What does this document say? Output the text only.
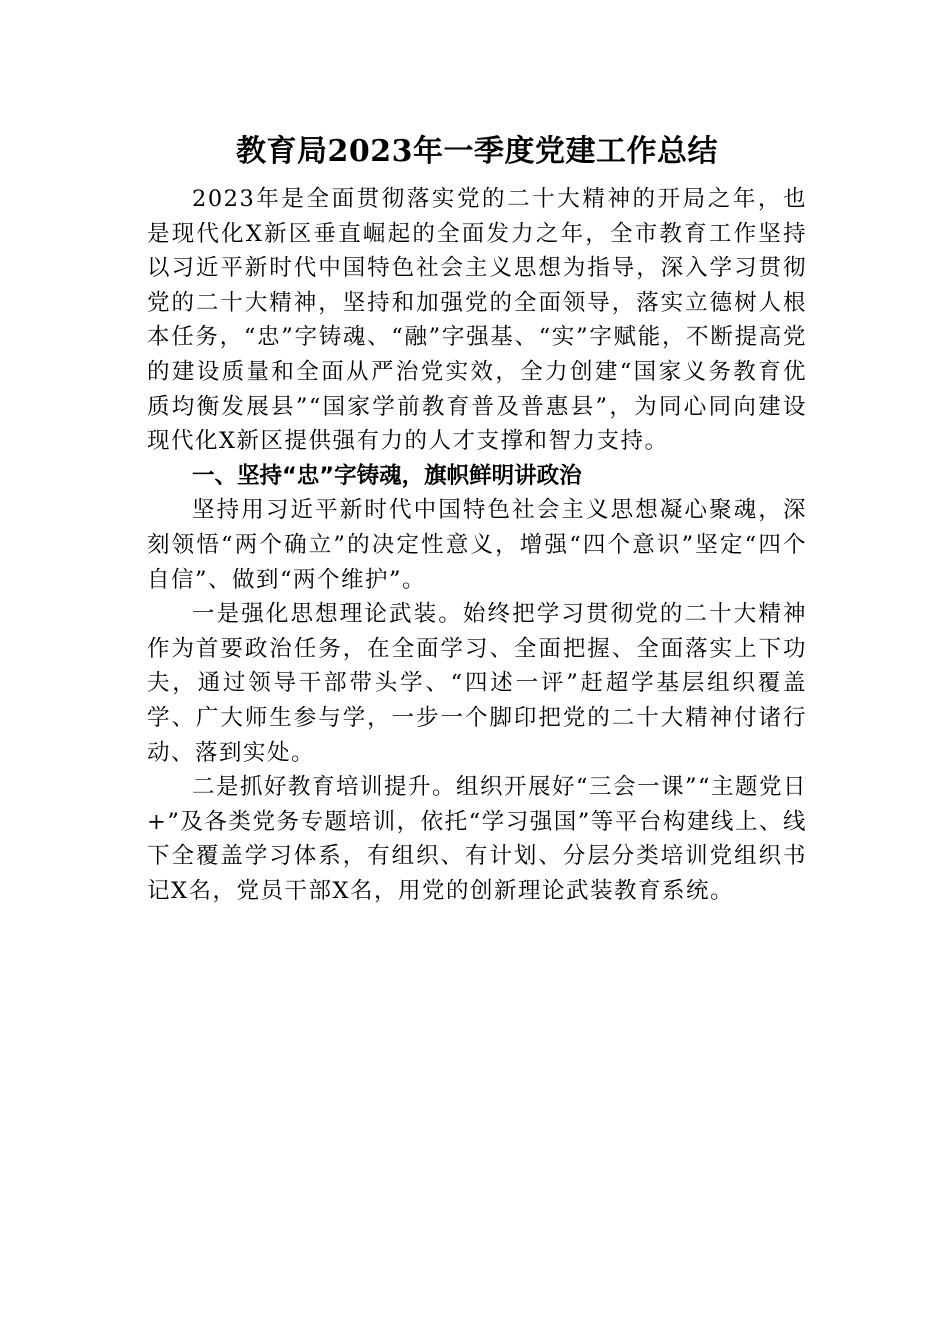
教育局2023年一季度党建工作总结

2023年是全面贯彻落实党的二十大精神的开局之年，也是现代化X新区垂直崛起的全面发力之年，全市教育工作坚持以习近平新时代中国特色社会主义思想为指导，深入学习贯彻党的二十大精神，坚持和加强党的全面领导，落实立德树人根本任务，“忠”字铸魂、“融”字强基、“实”字赋能，不断提高党的建设质量和全面从严治党实效，全力创建“国家义务教育优质均衡发展县”“国家学前教育普及普惠县”，为同心同向建设现代化X新区提供强有力的人才支撑和智力支持。

一、坚持“忠”字铸魂，旗帜鲜明讲政治

坚持用习近平新时代中国特色社会主义思想凝心聚魂，深刻领悟“两个确立”的决定性意义，增强“四个意识”坚定“四个自信”、做到“两个维护”。

一是强化思想理论武装。始终把学习贯彻党的二十大精神作为首要政治任务，在全面学习、全面把握、全面落实上下功夫，通过领导干部带头学、“四述一评”赶超学基层组织覆盖学、广大师生参与学，一步一个脚印把党的二十大精神付诸行动、落到实处。

二是抓好教育培训提升。组织开展好“三会一课”“主题党日+”及各类党务专题培训，依托“学习强国”等平台构建线上、线下全覆盖学习体系，有组织、有计划、分层分类培训党组织书记X名，党员干部X名，用党的创新理论武装教育系统。
